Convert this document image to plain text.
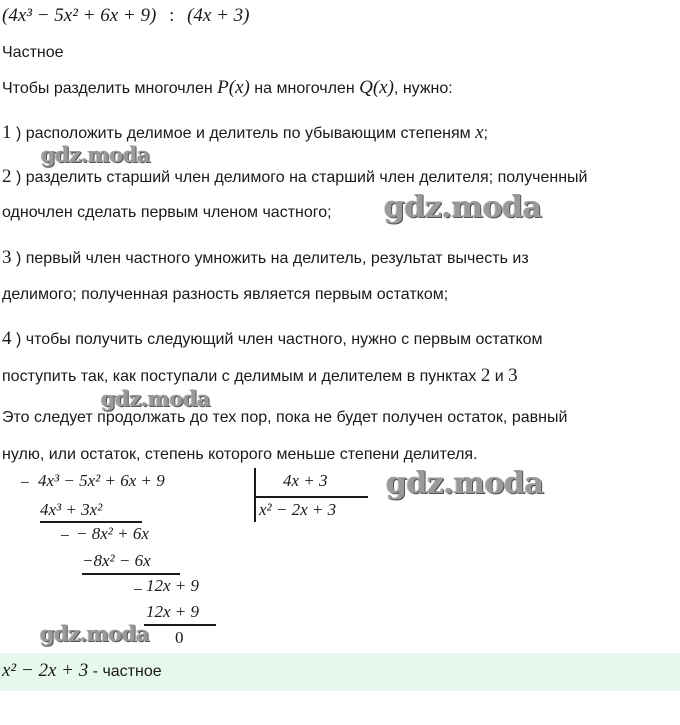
(4x³ − 5x² + 6x + 9) : (4x + 3)
Частное
Чтобы разделить многочлен P(x) на многочлен Q(x), нужно:
1 ) расположить делимое и делитель по убывающим степеням x;
2 ) разделить старший член делимого на старший член делителя; полученный
одночлен сделать первым членом частного;
3 ) первый член частного умножить на делитель, результат вычесть из
делимого; полученная разность является первым остатком;
4 ) чтобы получить следующий член частного, нужно с первым остатком
поступить так, как поступали с делимым и делителем в пунктах 2 и 3
Это следует продолжать до тех пор, пока не будет получен остаток, равный
нулю, или остаток, степень которого меньше степени делителя.
− 4x³ − 5x² + 6x + 9	4x + 3
x² − 2x + 3
4x³ + 3x²
− − 8x² + 6x
−8x² − 6x
− 12x + 9
12x + 9
0
x² − 2x + 3 - частное
gdz.moda
gdz.moda
gdz.moda
gdz.moda
gdz.moda
